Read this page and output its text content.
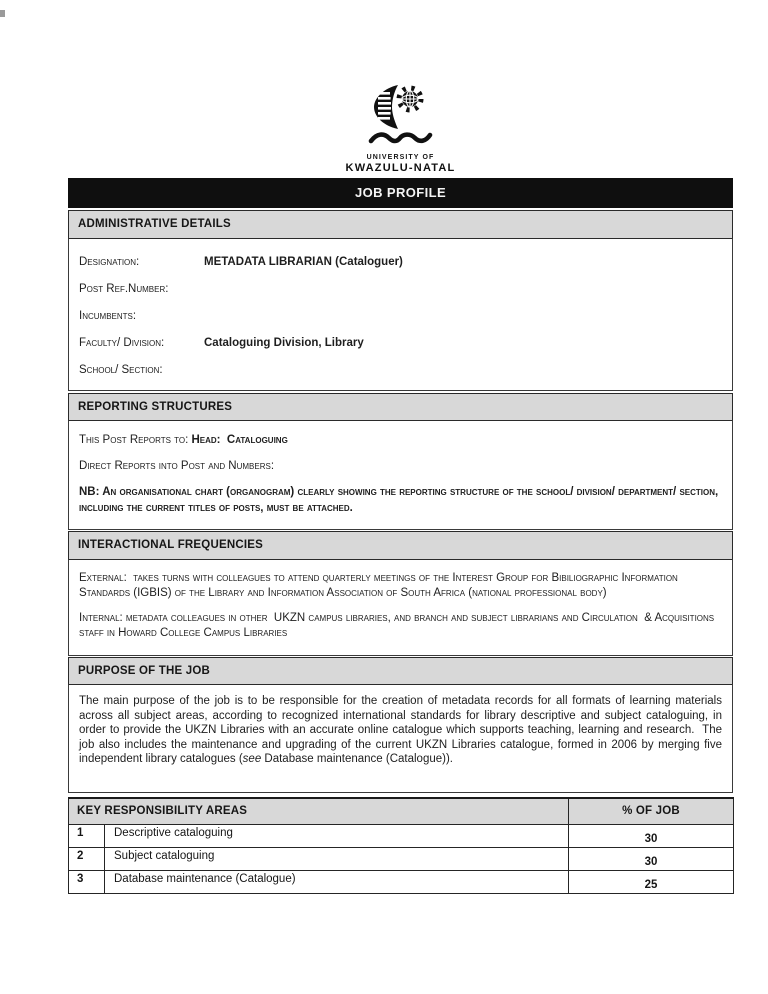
UNIVERSITY OF
KWAZULU-NATAL
JOB PROFILE
ADMINISTRATIVE DETAILS
Designation:	METADATA LIBRARIAN (Cataloguer)
Post Ref.Number:
Incumbents:
Faculty/ Division:	Cataloguing Division, Library
School/ Section:
REPORTING STRUCTURES

This Post Reports to: Head:  Cataloguing

Direct Reports into Post and Numbers:

NB: An organisational chart (organogram) clearly showing the reporting structure of the school/ division/ department/ section, including the current titles of posts, must be attached.

INTERACTIONAL FREQUENCIES

External:  takes turns with colleagues to attend quarterly meetings of the Interest Group for Bibiliographic Information Standards (IGBIS) of the Library and Information Association of South Africa (national professional body)

Internal: metadata colleagues in other  UKZN campus libraries, and branch and subject librarians and Circulation  & Acquisitions staff in Howard College Campus Libraries

PURPOSE OF THE JOB

The main purpose of the job is to be responsible for the creation of metadata records for all formats of learning materials across all subject areas, according to recognized international standards for library descriptive and subject cataloguing, in order to provide the UKZN Libraries with an accurate online catalogue which supports teaching, learning and research.  The job also includes the maintenance and upgrading of the current UKZN Libraries catalogue, formed in 2006 by merging five independent library catalogues (see Database maintenance (Catalogue)).

KEY RESPONSIBILITY AREAS		% OF JOB
1	Descriptive cataloguing	30
2	Subject cataloguing	30
3	Database maintenance (Catalogue)	25
